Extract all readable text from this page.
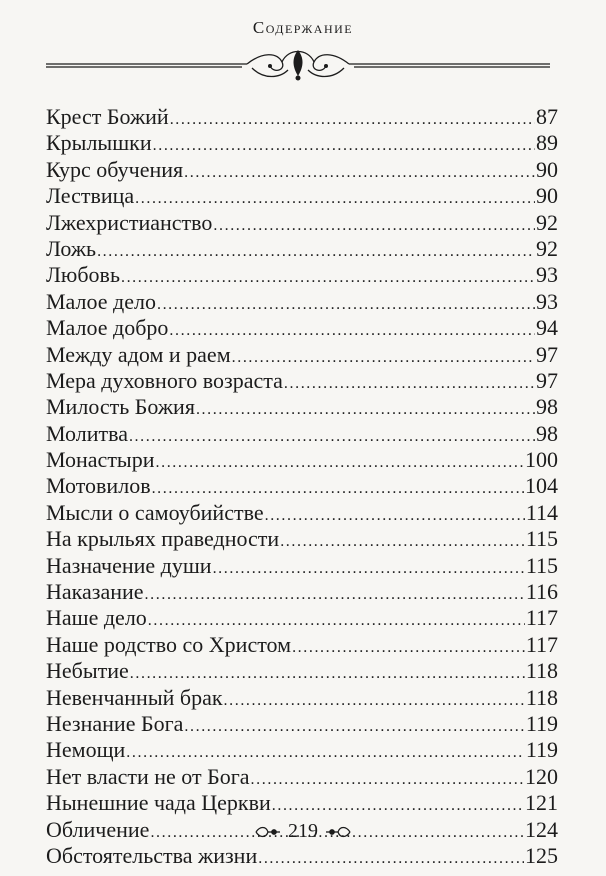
Содержание
Крест Божий .....	87
Крылышки .....	89
Курс обучения .....	90
Лествица .....	90
Лжехристианство .....	92
Ложь .....	92
Любовь .....	93
Малое дело .....	93
Малое добро .....	94
Между адом и раем .....	97
Мера духовного возраста .....	97
Милость Божия .....	98
Молитва .....	98
Монастыри .....	100
Мотовилов .....	104
Мысли о самоубийстве .....	114
На крыльях праведности .....	115
Назначение души .....	115
Наказание .....	116
Наше дело .....	117
Наше родство со Христом .....	117
Небытие .....	118
Невенчанный брак .....	118
Незнание Бога .....	119
Немощи .....	119
Нет власти не от Бога .....	120
Нынешние чада Церкви .....	121
Обличение .....	124
Обстоятельства жизни .....	125
219
